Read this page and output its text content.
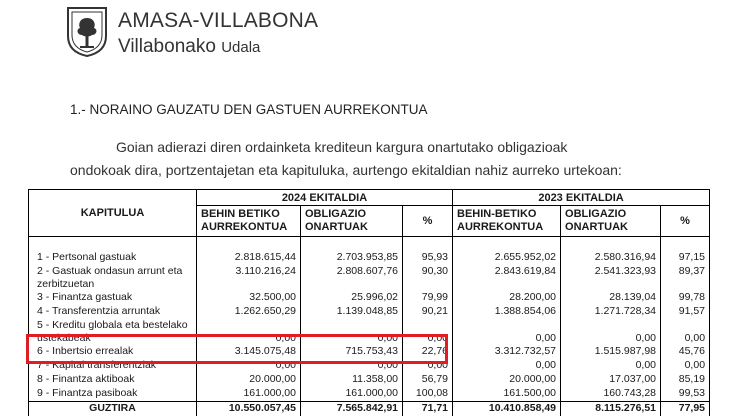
AMASA-VILLABONA
Villabonako Udala
1.- NORAINO GAUZATU DEN GASTUEN AURREKONTUA
Goian adierazi diren ordainketa krediteun kargura onartutako obligazioak ondokoak dira, portzentajetan eta kapituluka, aurtengo ekitaldian nahiz aurreko urtekoan:
KAPITULUA	2024 EKITALDIA			2023 EKITALDIA		
	BEHIN BETIKO AURREKONTUA	OBLIGAZIO ONARTUAK	%	BEHIN-BETIKO AURREKONTUA	OBLIGAZIO ONARTUAK	%

1 - Pertsonal gastuak	2.818.615,44	2.703.953,85	95,93	2.655.952,02	2.580.316,94	97,15
2 - Gastuak ondasun arrunt eta zerbitzuetan	3.110.216,24	2.808.607,76	90,30	2.843.619,84	2.541.323,93	89,37
3 - Finantza gastuak	32.500,00	25.996,02	79,99	28.200,00	28.139,04	99,78
4 - Transferentzia arruntak	1.262.650,29	1.139.048,85	90,21	1.388.854,06	1.271.728,34	91,57
5 - Kreditu globala eta bestelako ustekabeak	0,00	0,00	0,00	0,00	0,00	0,00
6 - Inbertsio errealak	3.145.075,48	715.753,43	22,76	3.312.732,57	1.515.987,98	45,76
7 - Kapital transferentziak	0,00	0,00	0,00	0,00	0,00	0,00
8 - Finantza aktiboak	20.000,00	11.358,00	56,79	20.000,00	17.037,00	85,19
9 - Finantza pasiboak	161.000,00	161.000,00	100,08	161.500,00	160.743,28	99,53
GUZTIRA	10.550.057,45	7.565.842,91	71,71	10.410.858,49	8.115.276,51	77,95
